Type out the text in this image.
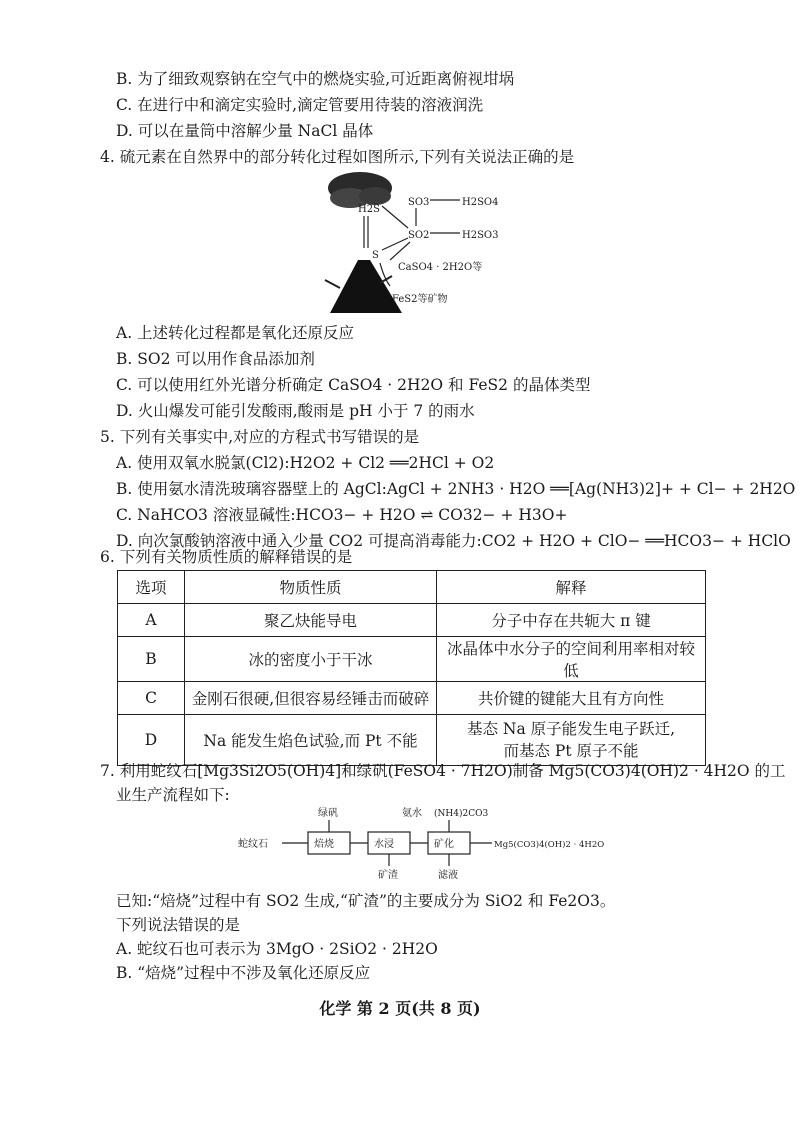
B. 为了细致观察钠在空气中的燃烧实验,可近距离俯视坩埚
C. 在进行中和滴定实验时,滴定管要用待装的溶液润洗
D. 可以在量筒中溶解少量 NaCl 晶体
4. 硫元素在自然界中的部分转化过程如图所示,下列有关说法正确的是
H2S
SO3	H2SO4
SO2	H2SO3
S
CaSO4 · 2H2O等
FeS2等矿物
A. 上述转化过程都是氧化还原反应
B. SO2 可以用作食品添加剂
C. 可以使用红外光谱分析确定 CaSO4 · 2H2O 和 FeS2 的晶体类型
D. 火山爆发可能引发酸雨,酸雨是 pH 小于 7 的雨水
5. 下列有关事实中,对应的方程式书写错误的是
A. 使用双氧水脱氯(Cl2):H2O2 + Cl2 ══2HCl + O2
B. 使用氨水清洗玻璃容器壁上的 AgCl:AgCl + 2NH3 · H2O ══[Ag(NH3)2]+ + Cl− + 2H2O
C. NaHCO3 溶液显碱性:HCO3− + H2O ⇌ CO32− + H3O+
D. 向次氯酸钠溶液中通入少量 CO2 可提高消毒能力:CO2 + H2O + ClO− ══HCO3− + HClO
6. 下列有关物质性质的解释错误的是
选项	物质性质	解释
A	聚乙炔能导电	分子中存在共轭大 π 键
B	冰的密度小于干冰	冰晶体中水分子的空间利用率相对较低
C	金刚石很硬,但很容易经锤击而破碎	共价键的键能大且有方向性
D	Na 能发生焰色试验,而 Pt 不能	基态 Na 原子能发生电子跃迁,
而基态 Pt 原子不能
7. 利用蛇纹石[Mg3Si2O5(OH)4]和绿矾(FeSO4 · 7H2O)制备 Mg5(CO3)4(OH)2 · 4H2O 的工
业生产流程如下:
蛇纹石
绿矾
焙烧	水浸
氨水 (NH4)2CO3
矿化
矿渣	滤液
Mg5(CO3)4(OH)2 · 4H2O
已知:“焙烧”过程中有 SO2 生成,“矿渣”的主要成分为 SiO2 和 Fe2O3。
下列说法错误的是
A. 蛇纹石也可表示为 3MgO · 2SiO2 · 2H2O
B. “焙烧”过程中不涉及氧化还原反应
化学 第 2 页(共 8 页)
